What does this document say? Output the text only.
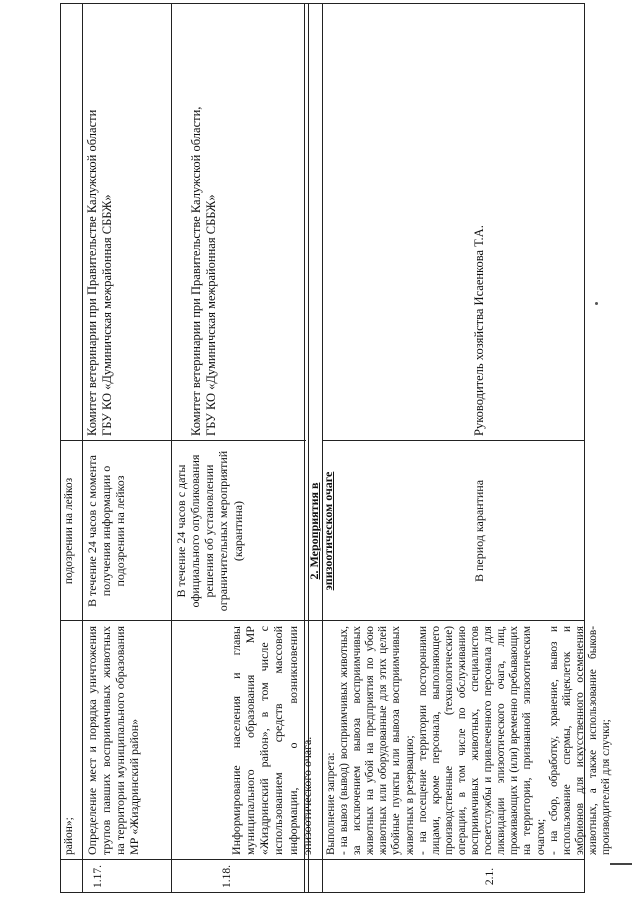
район»;
подозрении на лейкоз
1.17.
Определение мест и порядка уничтожения трупов павших восприимчивых животных на территории муниципального образования МР «Жиздринский район»
В течение 24 часов с момента получения информации о подозрении на лейкоз
Комитет ветеринарии при Правительстве Калужской области
ГБУ КО «Думиничская межрайонная СББЖ»
1.18.
Информирование населения и главы муниципального образования МР «Жиздринский район», в том числе с использованием средств массовой информации, о возникновении эпизоотического очага.
В течение 24 часов с даты официального опубликования решения об установлении ограничительных мероприятий (карантина)
Комитет ветеринарии при Правительстве Калужской области,
ГБУ КО «Думиничская межрайонная СББЖ»
2. Мероприятия в эпизоотическом очаге
2.1.
Выполнение запрета:
- на вывоз (вывод) восприимчивых животных, за исключением вывоза восприимчивых животных на убой на предприятия по убою животных или оборудованные для этих целей убойные пункты или вывоза восприимчивых животных в резервацию;
- на посещение территории посторонними лицами, кроме персонала, выполняющего производственные (технологические) операции, в том числе по обслуживанию восприимчивых животных, специалистов госветслужбы и привлеченного персонала для ликвидации эпизоотического очага, лиц, проживающих и (или) временно пребывающих на территории, признанной эпизоотическим очагом;
- на сбор, обработку, хранение, вывоз и использование спермы, яйцеклеток и эмбрионов для искусственного осеменения животных, а также использование быков-производителей для случки;
В период карантина
Руководитель хозяйства Исаенкова Т.А.
